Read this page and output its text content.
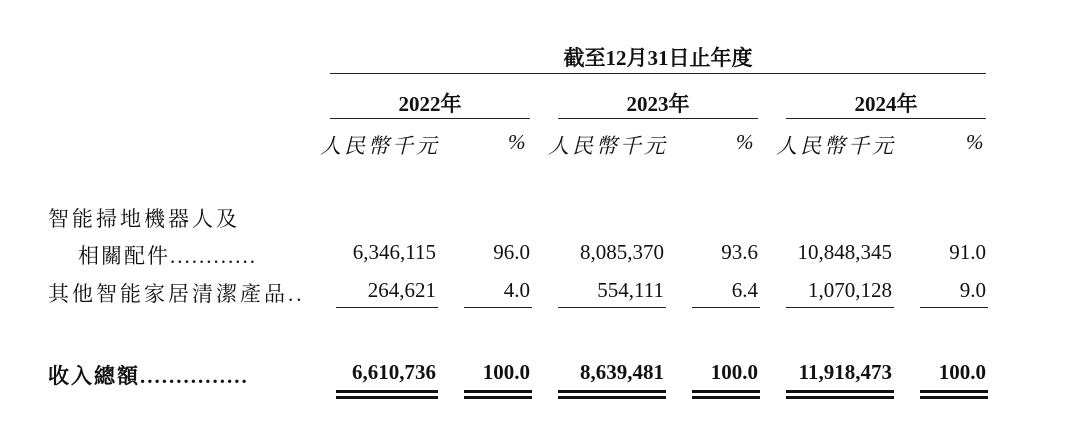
截至12月31日止年度
2022年	2023年	2024年
人民幣千元	% 人民幣千元	% 人民幣千元	%
智能掃地機器人及
相關配件............	6,346,115	96.0	8,085,370	93.6	10,848,345	91.0
其他智能家居清潔產品..	264,621	4.0	554,111	6.4	1,070,128	9.0
收入總額...............	6,610,736	100.0	8,639,481	100.0	11,918,473	100.0
